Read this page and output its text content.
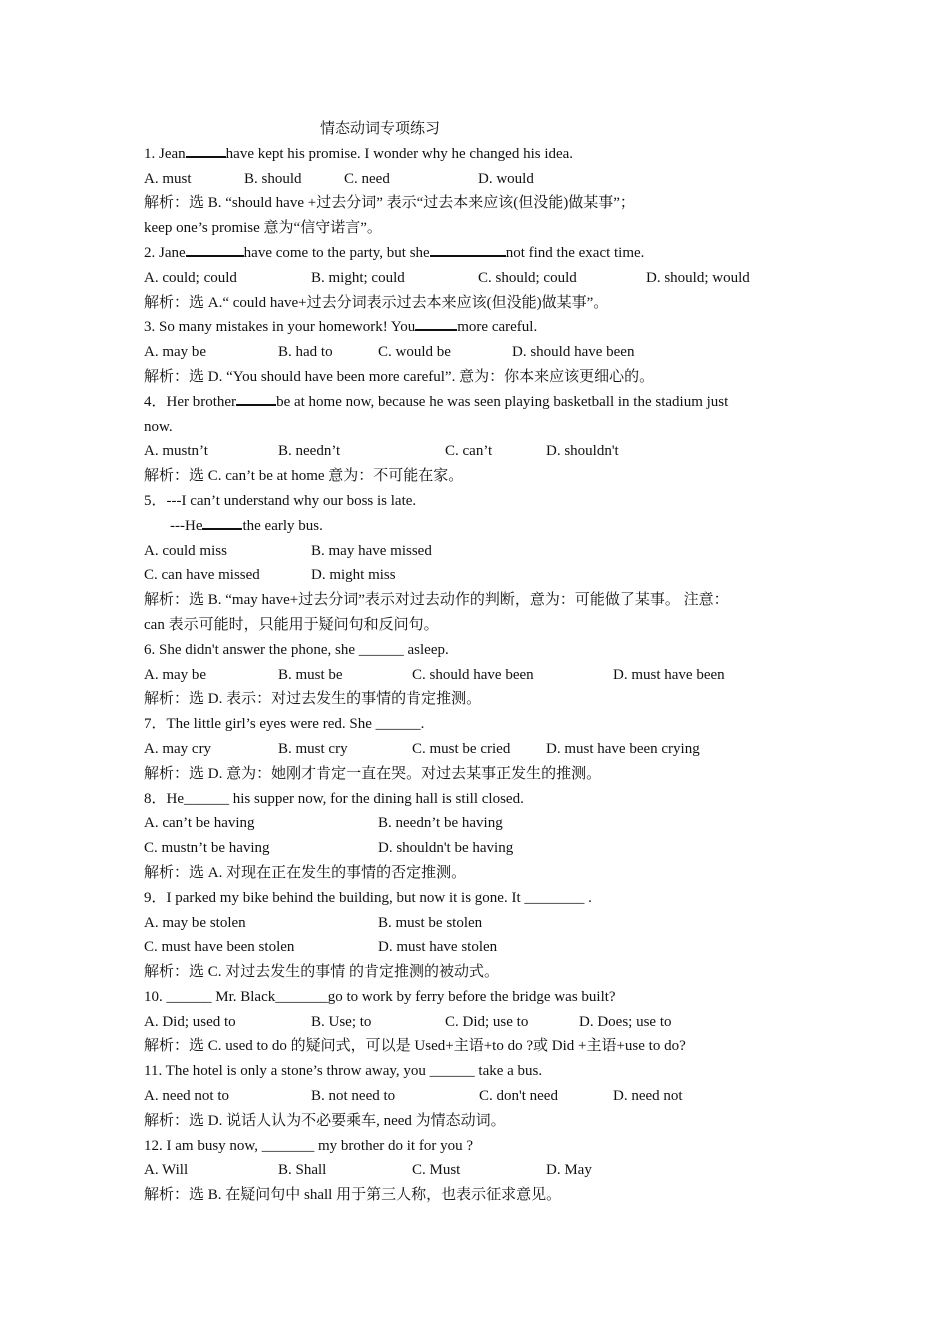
情态动词专项练习
1. Jean	have kept his promise. I wonder why he changed his idea.
A. must	B. should	C. need	D. would
解析：选 B. “should have +过去分词” 表示“过去本来应该(但没能)做某事”；
keep one’s promise 意为“信守诺言”。
2. Jane	have come to the party, but she	not find the exact time.
A. could; could	B. might; could	C. should; could	D. should; would
解析：选 A.“ could have+过去分词表示过去本来应该(但没能)做某事”。
3. So many mistakes in your homework! You	more careful.
A. may be	B. had to	C. would be	D. should have been
解析：选 D. “You should have been more careful”. 意为：你本来应该更细心的。
4．Her brother	be at home now, because he was seen playing basketball in the stadium just
now.
A. mustn’t	B. needn’t	C. can’t	D. shouldn't
解析：选 C. can’t be at home 意为：不可能在家。
5．---I can’t understand why our boss is late.
---He	the early bus.
A. could miss	B. may have missed
C. can have missed	D. might miss
解析：选 B. “may have+过去分词”表示对过去动作的判断，意为：可能做了某事。 注意：
can 表示可能时，只能用于疑问句和反问句。
6. She didn't answer the phone, she ______ asleep.
A. may be	B. must be	C. should have been	D. must have been
解析：选 D. 表示：对过去发生的事情的肯定推测。
7．The little girl’s eyes were red. She ______.
A. may cry	B. must cry	C. must be cried	D. must have been crying
解析：选 D. 意为：她刚才肯定一直在哭。对过去某事正发生的推测。
8．He______ his supper now, for the dining hall is still closed.
A. can’t be having	B. needn’t be having
C. mustn’t be having	D. shouldn't be having
解析：选 A. 对现在正在发生的事情的否定推测。
9．I parked my bike behind the building, but now it is gone. It ________ .
A. may be stolen	B. must be stolen
C. must have been stolen	D. must have stolen
解析：选 C. 对过去发生的事情 的肯定推测的被动式。
10. ______ Mr. Black_______go to work by ferry before the bridge was built?
A. Did; used to	B. Use; to	C. Did; use to	D. Does; use to
解析：选 C. used to do 的疑问式，可以是 Used+主语+to do ?或 Did +主语+use to do?
11. The hotel is only a stone’s throw away, you ______ take a bus.
A. need not to	B. not need to	C. don't need	D. need not
解析：选 D. 说话人认为不必要乘车, need 为情态动词。
12. I am busy now, _______ my brother do it for you ?
A. Will	B. Shall	C. Must	D. May
解析：选 B. 在疑问句中 shall 用于第三人称，也表示征求意见。
